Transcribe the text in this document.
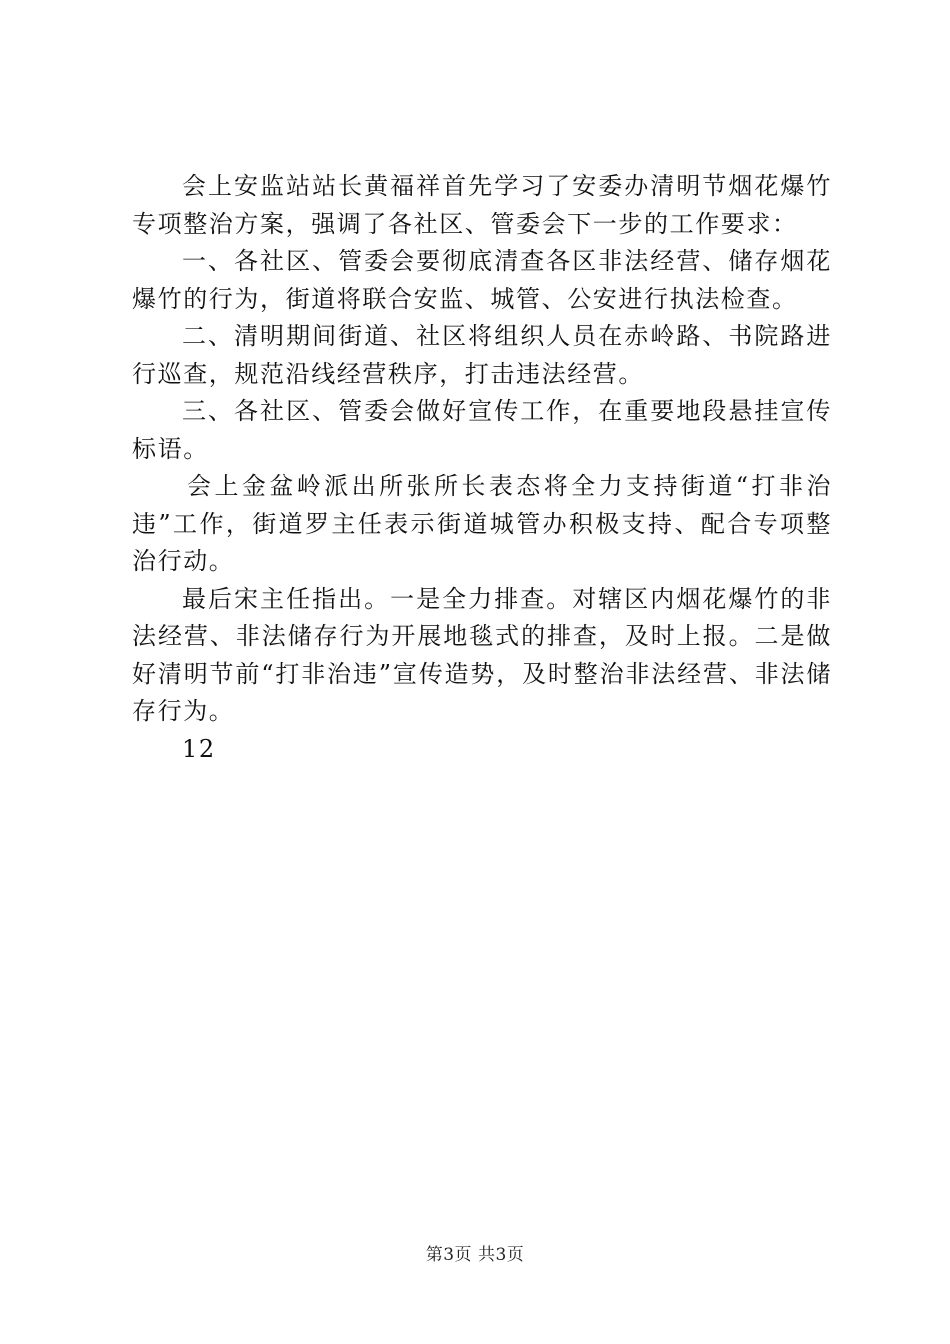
会上安监站站长黄福祥首先学习了安委办清明节烟花爆竹专项整治方案，强调了各社区、管委会下一步的工作要求：

一、各社区、管委会要彻底清查各区非法经营、储存烟花爆竹的行为，街道将联合安监、城管、公安进行执法检查。

二、清明期间街道、社区将组织人员在赤岭路、书院路进行巡查，规范沿线经营秩序，打击违法经营。

三、各社区、管委会做好宣传工作，在重要地段悬挂宣传标语。

会上金盆岭派出所张所长表态将全力支持街道“打非治违”工作，街道罗主任表示街道城管办积极支持、配合专项整治行动。

最后宋主任指出。一是全力排查。对辖区内烟花爆竹的非法经营、非法储存行为开展地毯式的排查，及时上报。二是做好清明节前“打非治违”宣传造势，及时整治非法经营、非法储存行为。

12

第3页 共3页
